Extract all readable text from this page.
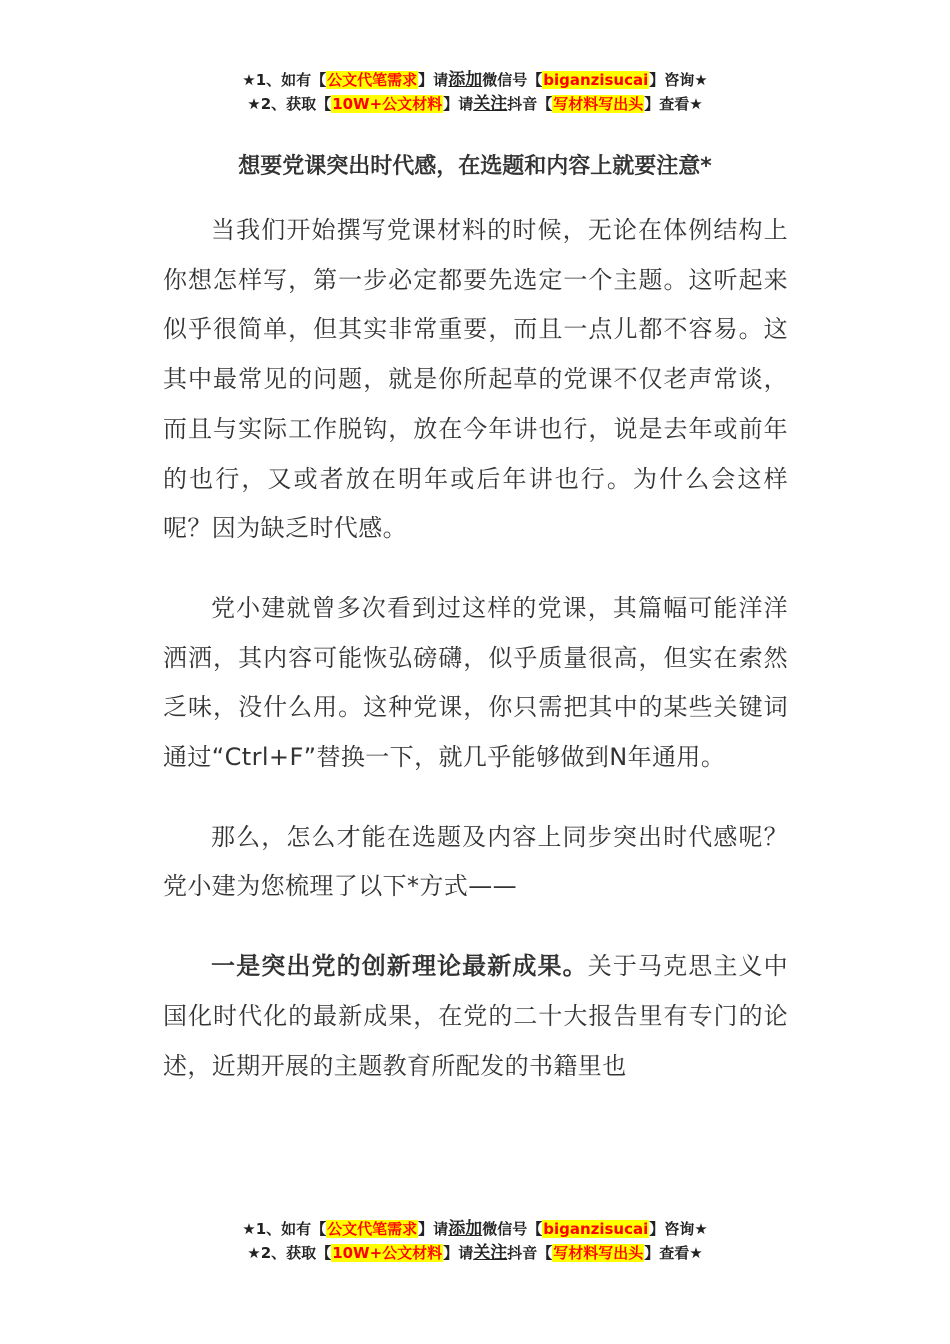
★1、如有【公文代笔需求】请添加微信号【biganzisucai】咨询★
★2、获取【10W+公文材料】请关注抖音【写材料写出头】查看★
想要党课突出时代感，在选题和内容上就要注意*

当我们开始撰写党课材料的时候，无论在体例结构上你想怎样写，第一步必定都要先选定一个主题。这听起来似乎很简单，但其实非常重要，而且一点儿都不容易。这其中最常见的问题，就是你所起草的党课不仅老声常谈，而且与实际工作脱钩，放在今年讲也行，说是去年或前年的也行，又或者放在明年或后年讲也行。为什么会这样呢？因为缺乏时代感。

党小建就曾多次看到过这样的党课，其篇幅可能洋洋洒洒，其内容可能恢弘磅礴，似乎质量很高，但实在索然乏味，没什么用。这种党课，你只需把其中的某些关键词通过“Ctrl+F”替换一下，就几乎能够做到N年通用。

那么，怎么才能在选题及内容上同步突出时代感呢？党小建为您梳理了以下*方式——

一是突出党的创新理论最新成果。关于马克思主义中国化时代化的最新成果，在党的二十大报告里有专门的论述，近期开展的主题教育所配发的书籍里也

★1、如有【公文代笔需求】请添加微信号【biganzisucai】咨询★
★2、获取【10W+公文材料】请关注抖音【写材料写出头】查看★
